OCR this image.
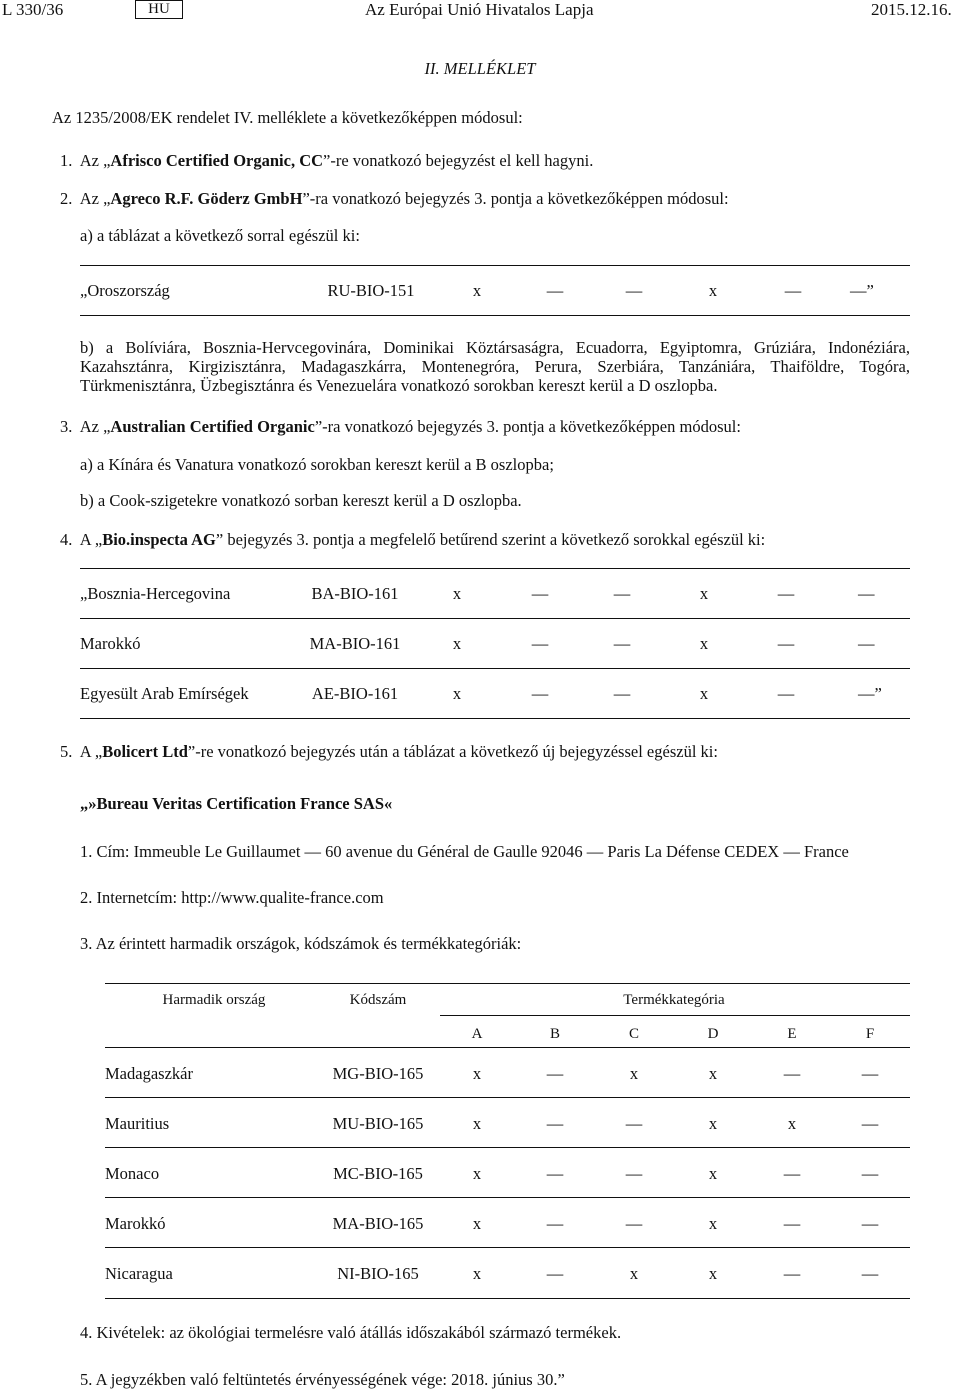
L 330/36	HU	Az Európai Unió Hivatalos Lapja	2015.12.16.
II. MELLÉKLET
Az 1235/2008/EK rendelet IV. melléklete a következőképpen módosul:
1. Az „Afrisco Certified Organic, CC”-re vonatkozó bejegyzést el kell hagyni.
2. Az „Agreco R.F. Göderz GmbH”-ra vonatkozó bejegyzés 3. pontja a következőképpen módosul:
a) a táblázat a következő sorral egészül ki:
„Oroszország	RU-BIO-151	x	—	—	x	—	—”
b) a Bolíviára, Bosznia-Hervcegovinára, Dominikai Köztársaságra, Ecuadorra, Egyiptomra, Grúziára, Indonéziára, Kazahsztánra, Kirgizisztánra, Madagaszkárra, Montenegróra, Perura, Szerbiára, Tanzániára, Thaiföldre, Togóra, Türkmenisztánra, Üzbegisztánra és Venezuelára vonatkozó sorokban kereszt kerül a D oszlopba.
3. Az „Australian Certified Organic”-ra vonatkozó bejegyzés 3. pontja a következőképpen módosul:
a) a Kínára és Vanatura vonatkozó sorokban kereszt kerül a B oszlopba;
b) a Cook-szigetekre vonatkozó sorban kereszt kerül a D oszlopba.
4. A „Bio.inspecta AG” bejegyzés 3. pontja a megfelelő betűrend szerint a következő sorokkal egészül ki:
„Bosznia-Hercegovina	BA-BIO-161	x	—	—	x	—	—
Marokkó	MA-BIO-161	x	—	—	x	—	—
Egyesült Arab Emírségek	AE-BIO-161	x	—	—	x	—	—”
5. A „Bolicert Ltd”-re vonatkozó bejegyzés után a táblázat a következő új bejegyzéssel egészül ki:
„»Bureau Veritas Certification France SAS«
1. Cím: Immeuble Le Guillaumet — 60 avenue du Général de Gaulle 92046 — Paris La Défense CEDEX — France
2. Internetcím: http://www.qualite-france.com
3. Az érintett harmadik országok, kódszámok és termékkategóriák:
Harmadik ország	Kódszám	Termékkategória
A	B	C	D	E	F
Madagaszkár	MG-BIO-165	x	—	x	x	—	—
Mauritius	MU-BIO-165	x	—	—	x	x	—
Monaco	MC-BIO-165	x	—	—	x	—	—
Marokkó	MA-BIO-165	x	—	—	x	—	—
Nicaragua	NI-BIO-165	x	—	x	x	—	—
4. Kivételek: az ökológiai termelésre való átállás időszakából származó termékek.
5. A jegyzékben való feltüntetés érvényességének vége: 2018. június 30.”
